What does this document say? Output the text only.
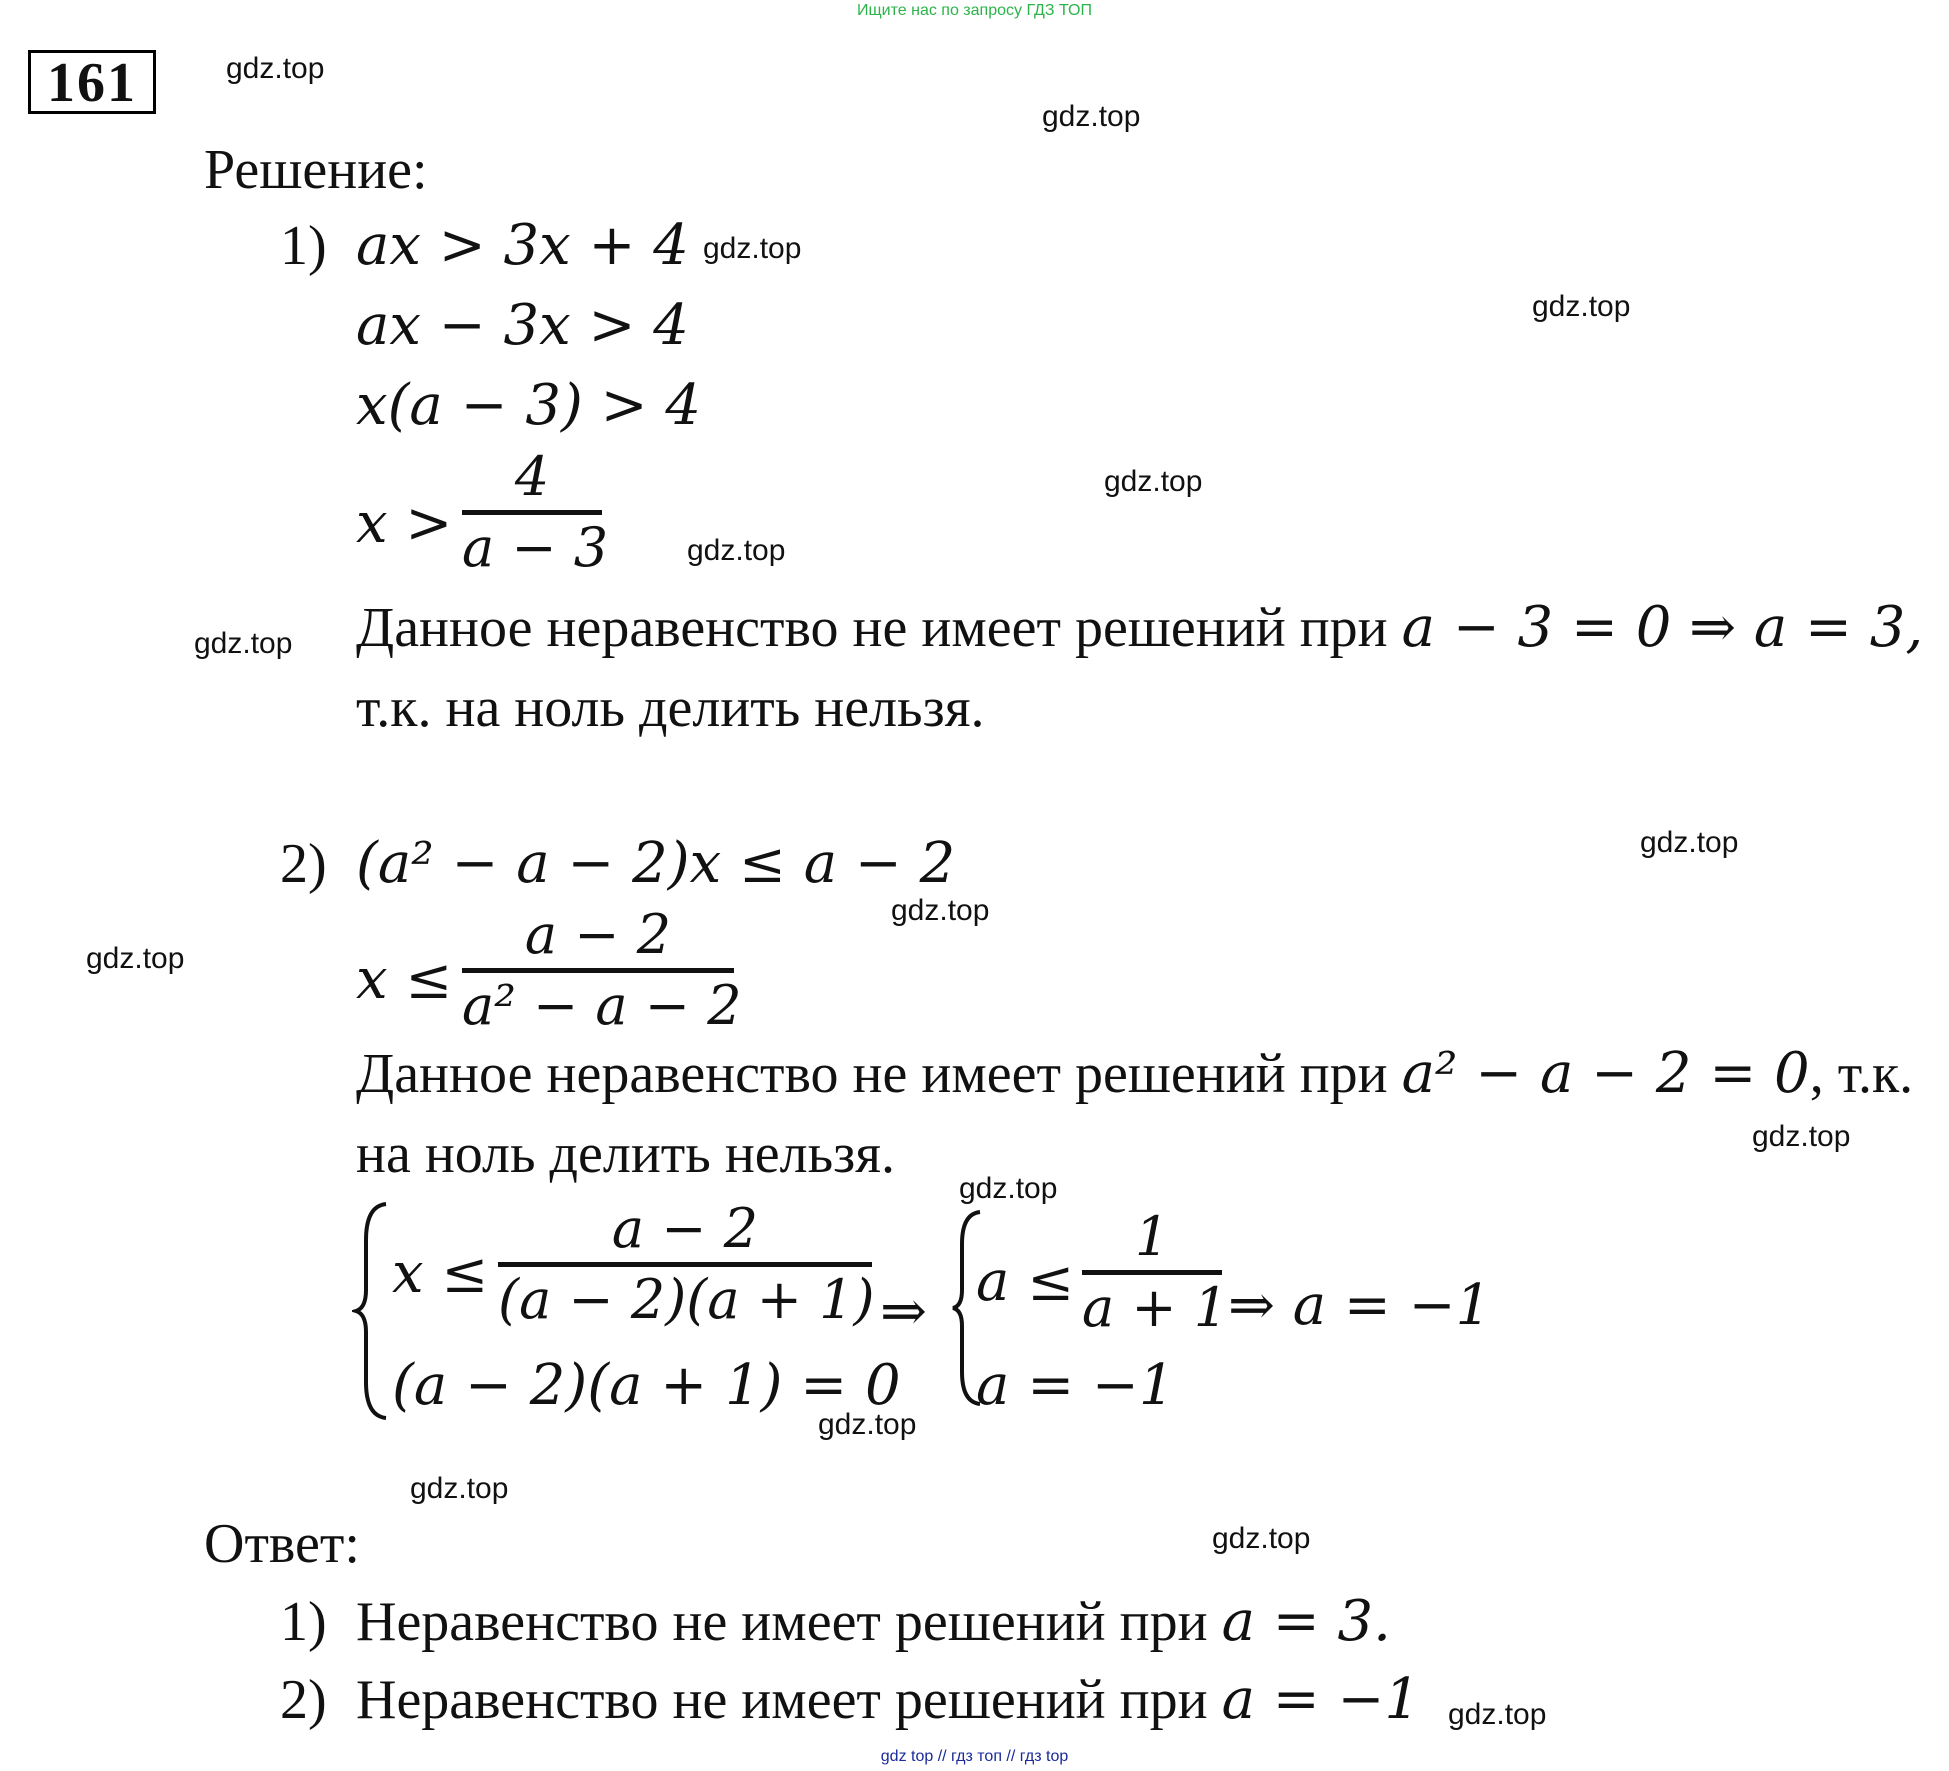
Ищите нас по запросу ГДЗ ТОП
161	gdz.top
gdz.top
gdz.top
gdz.top
gdz.top
gdz.top
gdz.top
gdz.top
gdz.top
gdz.top
gdz.top
gdz.top
gdz.top
gdz.top
gdz.top
gdz.top
Решение:
1) ax > 3x + 4
ax − 3x > 4
x(a − 3) > 4
x >
4
a − 3
Данное неравенство не имеет решений при a − 3 = 0 ⇒ a = 3,
т.к. на ноль делить нельзя.
2) (a² − a − 2)x ≤ a − 2
x ≤
a − 2
a² − a − 2
Данное неравенство не имеет решений при a² − a − 2 = 0, т.к.
на ноль делить нельзя.
x ≤
a − 2
(a − 2)(a + 1)
(a − 2)(a + 1) = 0
⇒ a ≤
1
a + 1
a = −1
⇒ a = −1
Ответ:
1) Неравенство не имеет решений при a = 3.
2) Неравенство не имеет решений при a = −1
gdz top // гдз топ // гдз top
